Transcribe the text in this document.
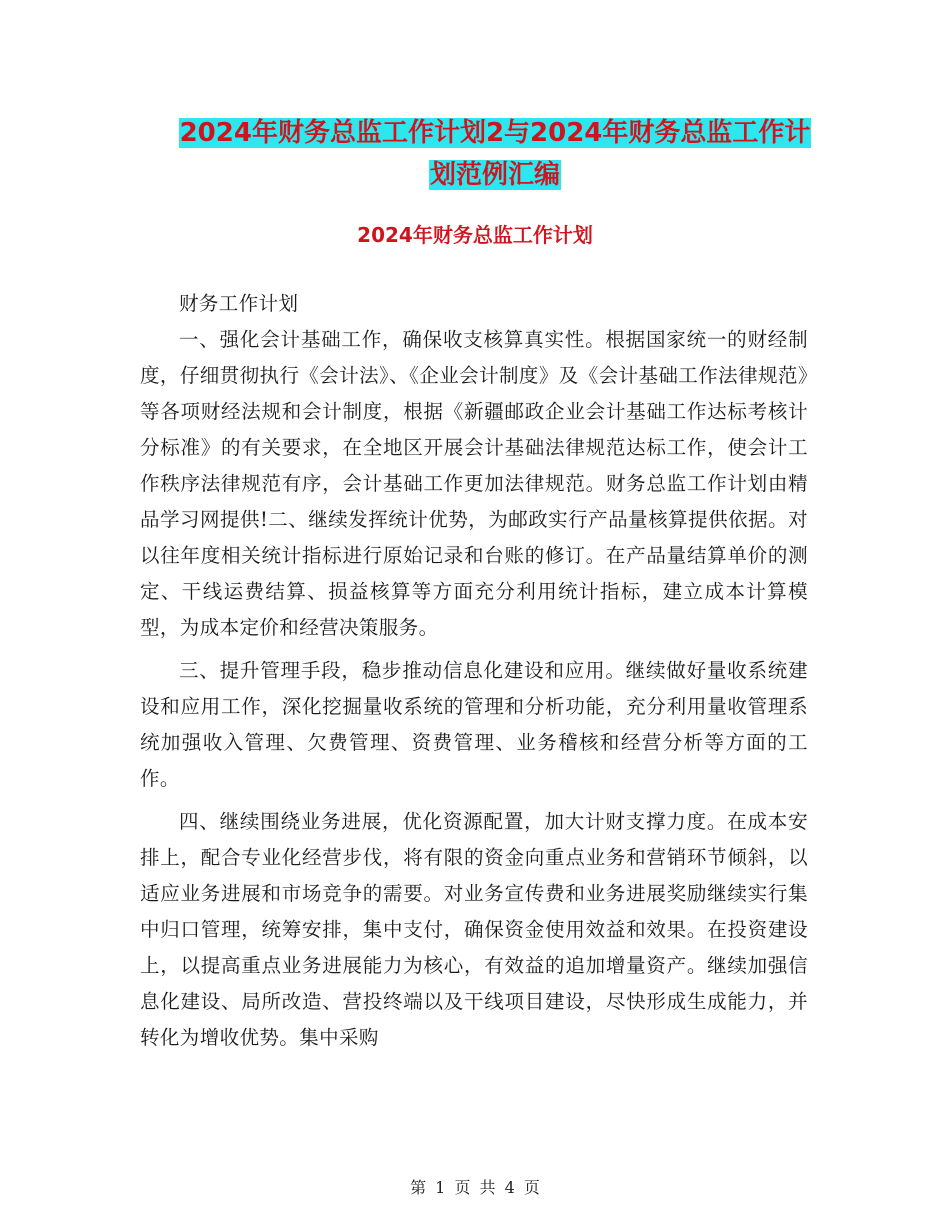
2024年财务总监工作计划2与2024年财务总监工作计
划范例汇编
2024年财务总监工作计划

财务工作计划

一、强化会计基础工作，确保收支核算真实性。根据国家统一的财经制度，仔细贯彻执行《会计法》、《企业会计制度》及《会计基础工作法律规范》等各项财经法规和会计制度，根据《新疆邮政企业会计基础工作达标考核计分标准》的有关要求，在全地区开展会计基础法律规范达标工作，使会计工作秩序法律规范有序，会计基础工作更加法律规范。财务总监工作计划由精品学习网提供!二、继续发挥统计优势，为邮政实行产品量核算提供依据。对以往年度相关统计指标进行原始记录和台账的修订。在产品量结算单价的测定、干线运费结算、损益核算等方面充分利用统计指标，建立成本计算模型，为成本定价和经营决策服务。

三、提升管理手段，稳步推动信息化建设和应用。继续做好量收系统建设和应用工作，深化挖掘量收系统的管理和分析功能，充分利用量收管理系统加强收入管理、欠费管理、资费管理、业务稽核和经营分析等方面的工作。

四、继续围绕业务进展，优化资源配置，加大计财支撑力度。在成本安排上，配合专业化经营步伐，将有限的资金向重点业务和营销环节倾斜，以适应业务进展和市场竞争的需要。对业务宣传费和业务进展奖励继续实行集中归口管理，统筹安排，集中支付，确保资金使用效益和效果。在投资建设上，以提高重点业务进展能力为核心，有效益的追加增量资产。继续加强信息化建设、局所改造、营投终端以及干线项目建设，尽快形成生成能力，并转化为增收优势。集中采购

第 1 页 共 4 页
